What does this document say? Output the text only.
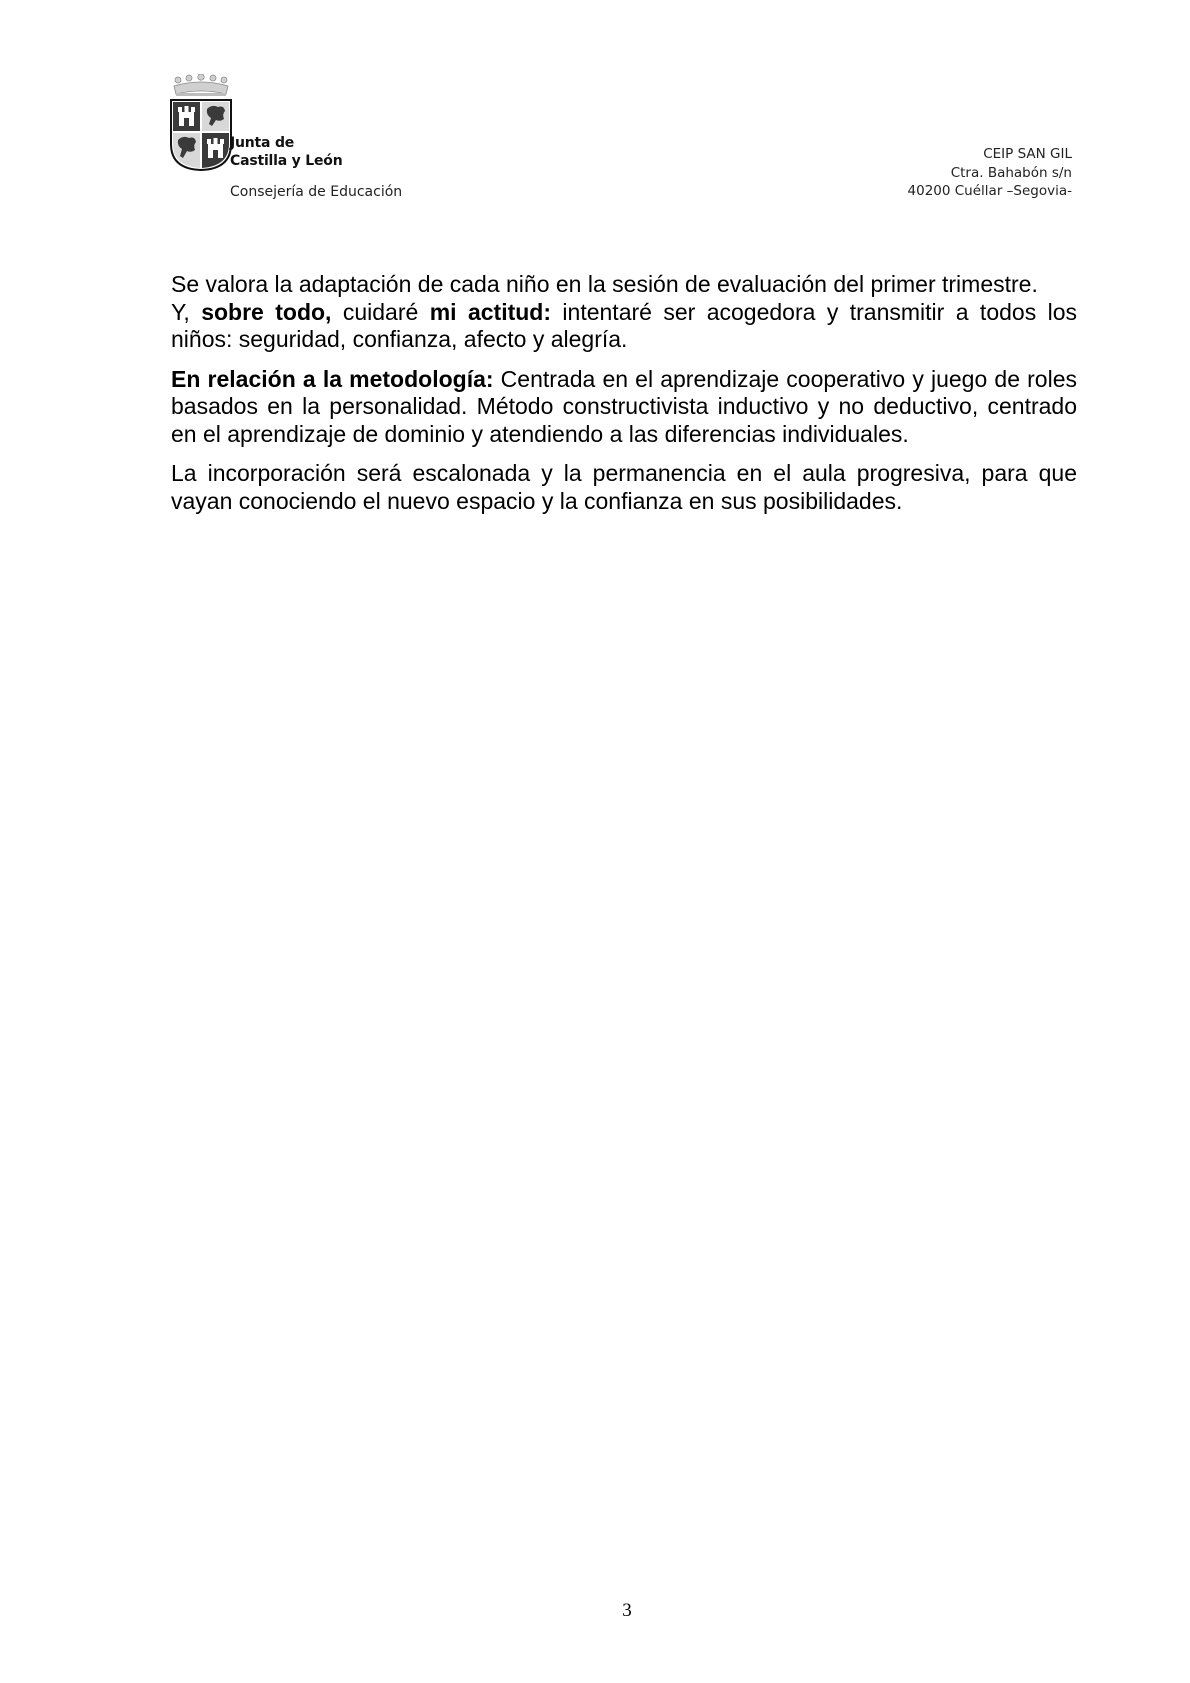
Junta de
Castilla y León
Consejería de Educación
CEIP SAN GIL
Ctra. Bahabón s/n
40200 Cuéllar –Segovia-

Se valora la adaptación de cada niño en la sesión de evaluación del primer trimestre.

Y, sobre todo, cuidaré mi actitud: intentaré ser acogedora y transmitir a todos los niños: seguridad, confianza, afecto y alegría.

En relación a la metodología: Centrada en el aprendizaje cooperativo y juego de roles basados en la personalidad. Método constructivista inductivo y no deductivo, centrado en el aprendizaje de dominio y atendiendo a las diferencias individuales.

La incorporación será escalonada y la permanencia en el aula progresiva, para que vayan conociendo el nuevo espacio y la confianza en sus posibilidades.

3
